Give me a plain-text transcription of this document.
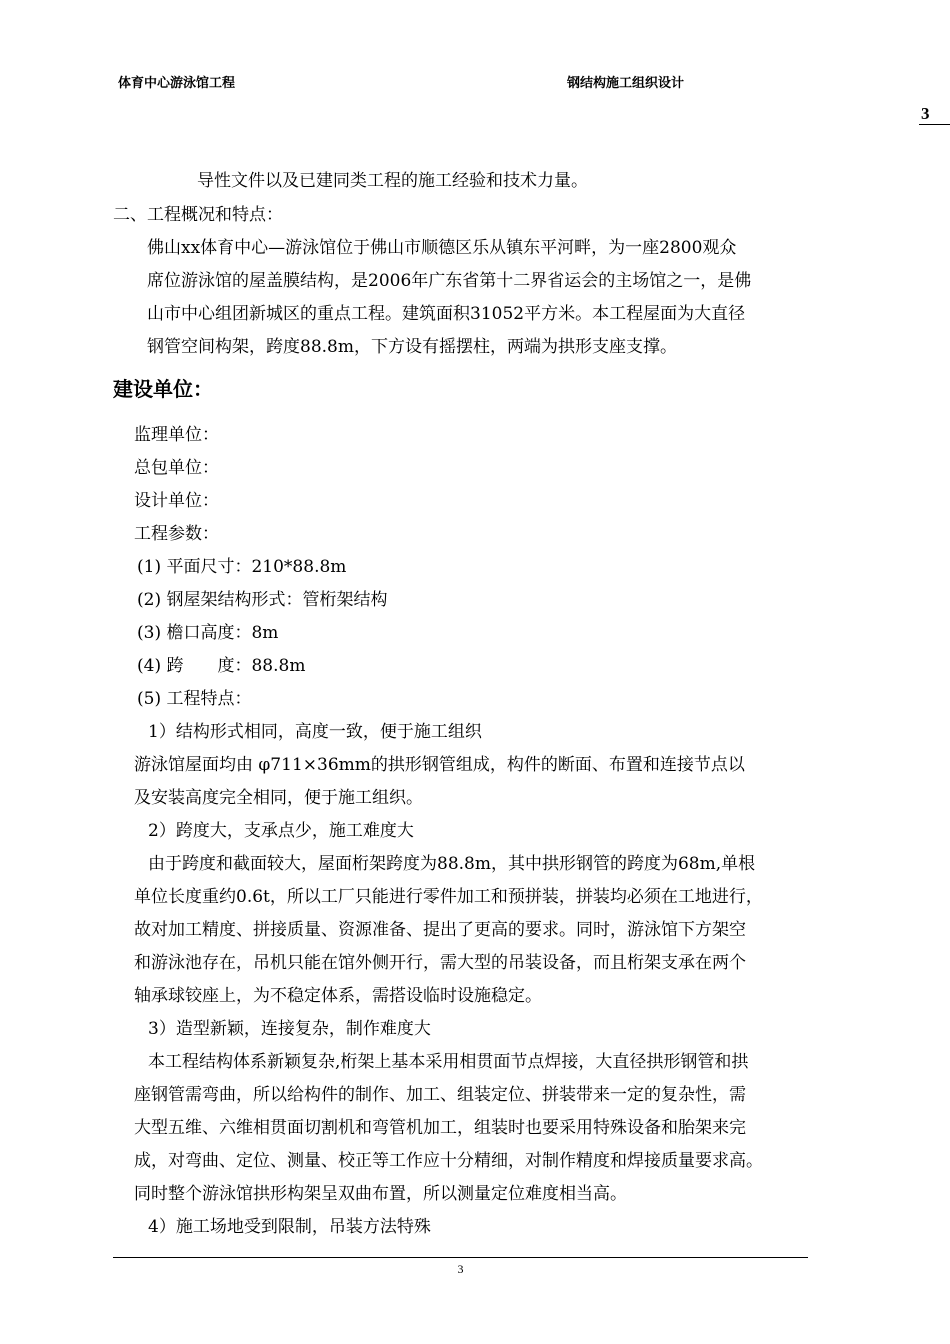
体育中心游泳馆工程	钢结构施工组织设计
3
导性文件以及已建同类工程的施工经验和技术力量。
二、工程概况和特点：
佛山xx体育中心—游泳馆位于佛山市顺德区乐从镇东平河畔，为一座2800观众
席位游泳馆的屋盖膜结构，是2006年广东省第十二界省运会的主场馆之一，是佛
山市中心组团新城区的重点工程。建筑面积31052平方米。本工程屋面为大直径
钢管空间构架，跨度88.8m，下方设有摇摆柱，两端为拱形支座支撑。
建设单位：
监理单位：
总包单位：
设计单位：
工程参数：
(1) 平面尺寸：210*88.8m
(2) 钢屋架结构形式：管桁架结构
(3) 檐口高度：8m
(4) 跨　　度：88.8m
(5) 工程特点：
1）结构形式相同，高度一致，便于施工组织
游泳馆屋面均由 φ711×36mm的拱形钢管组成，构件的断面、布置和连接节点以
及安装高度完全相同，便于施工组织。
2）跨度大，支承点少，施工难度大
由于跨度和截面较大，屋面桁架跨度为88.8m，其中拱形钢管的跨度为68m,单根
单位长度重约0.6t，所以工厂只能进行零件加工和预拼装，拼装均必须在工地进行，
故对加工精度、拼接质量、资源准备、提出了更高的要求。同时，游泳馆下方架空
和游泳池存在，吊机只能在馆外侧开行，需大型的吊装设备，而且桁架支承在两个
轴承球铰座上，为不稳定体系，需搭设临时设施稳定。
3）造型新颖，连接复杂，制作难度大
本工程结构体系新颖复杂,桁架上基本采用相贯面节点焊接，大直径拱形钢管和拱
座钢管需弯曲，所以给构件的制作、加工、组装定位、拼装带来一定的复杂性，需
大型五维、六维相贯面切割机和弯管机加工，组装时也要采用特殊设备和胎架来完
成，对弯曲、定位、测量、校正等工作应十分精细，对制作精度和焊接质量要求高。
同时整个游泳馆拱形构架呈双曲布置，所以测量定位难度相当高。
4）施工场地受到限制，吊装方法特殊
3
